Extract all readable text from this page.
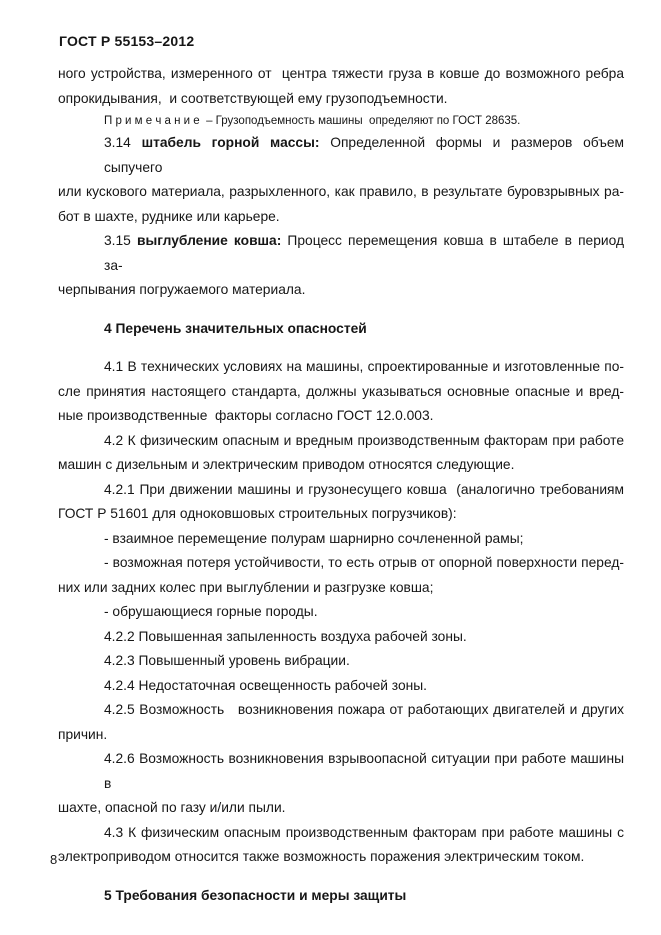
ГОСТ Р 55153–2012
ного устройства, измеренного от  центра тяжести груза в ковше до возможного ребра
опрокидывания,  и соответствующей ему грузоподъемности.
П р и м е ч а н и е  – Грузоподъемность машины  определяют по ГОСТ 28635.
3.14 штабель горной массы: Определенной формы и размеров объем сыпучего
или кускового материала, разрыхленного, как правило, в результате буровзрывных ра-
бот в шахте, руднике или карьере.
3.15 выглубление ковша: Процесс перемещения ковша в штабеле в период за-
черпывания погружаемого материала.
4 Перечень значительных опасностей
4.1 В технических условиях на машины, спроектированные и изготовленные по-
сле принятия настоящего стандарта, должны указываться основные опасные и вред-
ные производственные  факторы согласно ГОСТ 12.0.003.
4.2 К физическим опасным и вредным производственным факторам при работе
машин с дизельным и электрическим приводом относятся следующие.
4.2.1 При движении машины и грузонесущего ковша  (аналогично требованиям
ГОСТ Р 51601 для одноковшовых строительных погрузчиков):
- взаимное перемещение полурам шарнирно сочлененной рамы;
- возможная потеря устойчивости, то есть отрыв от опорной поверхности перед-
них или задних колес при выглублении и разгрузке ковша;
- обрушающиеся горные породы.
4.2.2 Повышенная запыленность воздуха рабочей зоны.
4.2.3 Повышенный уровень вибрации.
4.2.4 Недостаточная освещенность рабочей зоны.
4.2.5 Возможность   возникновения пожара от работающих двигателей и других
причин.
4.2.6 Возможность возникновения взрывоопасной ситуации при работе машины в
шахте, опасной по газу и/или пыли.
4.3 К физическим опасным производственным факторам при работе машины с
электроприводом относится также возможность поражения электрическим током.
5 Требования безопасности и меры защиты
8
